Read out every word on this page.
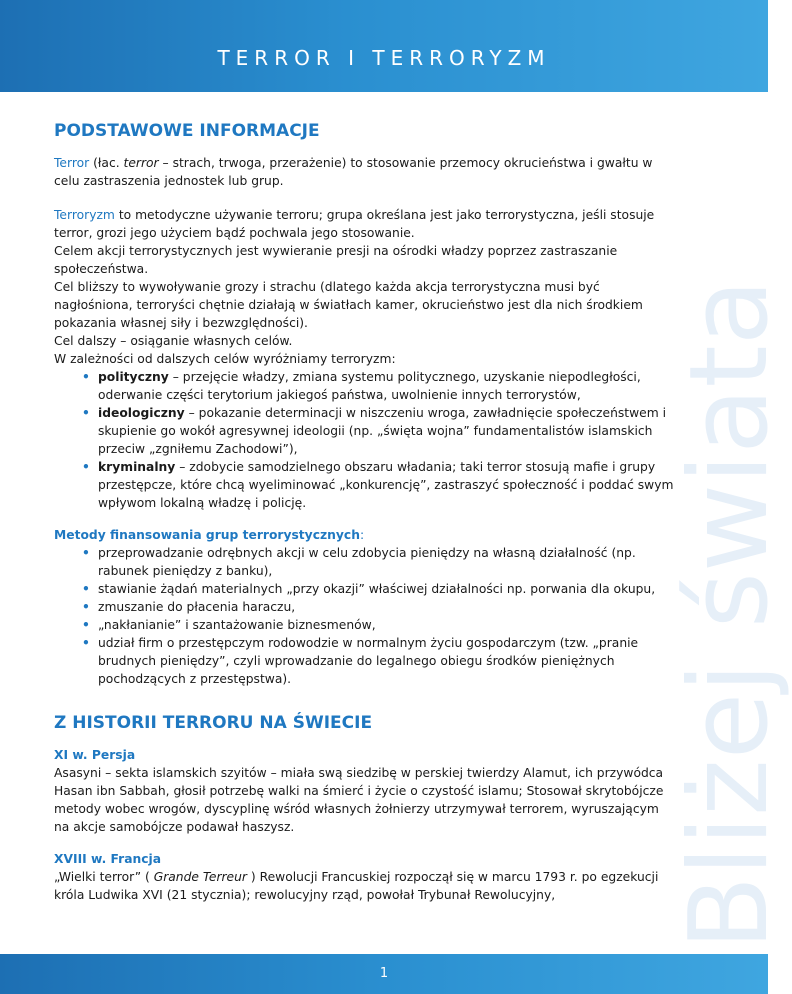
TERROR I TERRORYZM
Bliżej świata
PODSTAWOWE INFORMACJE

Terror (łac. terror – strach, trwoga, przerażenie) to stosowanie przemocy okrucieństwa i gwałtu w celu zastraszenia jednostek lub grup.

Terroryzm to metodyczne używanie terroru; grupa określana jest jako terrorystyczna, jeśli stosuje terror, grozi jego użyciem bądź pochwala jego stosowanie.

Celem akcji terrorystycznych jest wywieranie presji na ośrodki władzy poprzez zastraszanie społeczeństwa.

Cel bliższy to wywoływanie grozy i strachu (dlatego każda akcja terrorystyczna musi być nagłośniona, terroryści chętnie działają w światłach kamer, okrucieństwo jest dla nich środkiem pokazania własnej siły i bezwzględności).

Cel dalszy – osiąganie własnych celów.

W zależności od dalszych celów wyróżniamy terroryzm:

• polityczny – przejęcie władzy, zmiana systemu politycznego, uzyskanie niepodległości, oderwanie części terytorium jakiegoś państwa, uwolnienie innych terrorystów,
• ideologiczny – pokazanie determinacji w niszczeniu wroga, zawładnięcie społeczeństwem i skupienie go wokół agresywnej ideologii (np. „święta wojna” fundamentalistów islamskich przeciw „zgniłemu Zachodowi”),
• kryminalny – zdobycie samodzielnego obszaru władania; taki terror stosują mafie i grupy przestępcze, które chcą wyeliminować „konkurencję”, zastraszyć społeczność i poddać swym wpływom lokalną władzę i policję.

Metody finansowania grup terrorystycznych:

• przeprowadzanie odrębnych akcji w celu zdobycia pieniędzy na własną działalność (np. rabunek pieniędzy z banku),
• stawianie żądań materialnych „przy okazji” właściwej działalności np. porwania dla okupu,
• zmuszanie do płacenia haraczu,
• „nakłanianie” i szantażowanie biznesmenów,
• udział firm o przestępczym rodowodzie w normalnym życiu gospodarczym (tzw. „pranie brudnych pieniędzy”, czyli wprowadzanie do legalnego obiegu środków pieniężnych pochodzących z przestępstwa).
Z HISTORII TERRORU NA ŚWIECIE

XI w. Persja

Asasyni – sekta islamskich szyitów – miała swą siedzibę w perskiej twierdzy Alamut, ich przywódca Hasan ibn Sabbah, głosił potrzebę walki na śmierć i życie o czystość islamu; Stosował skrytobójcze metody wobec wrogów, dyscyplinę wśród własnych żołnierzy utrzymywał terrorem, wyruszającym na akcje samobójcze podawał haszysz.

XVIII w. Francja

„Wielki terror” ( Grande Terreur ) Rewolucji Francuskiej rozpoczął się w marcu 1793 r. po egzekucji króla Ludwika XVI (21 stycznia); rewolucyjny rząd, powołał Trybunał Rewolucyjny,

1
